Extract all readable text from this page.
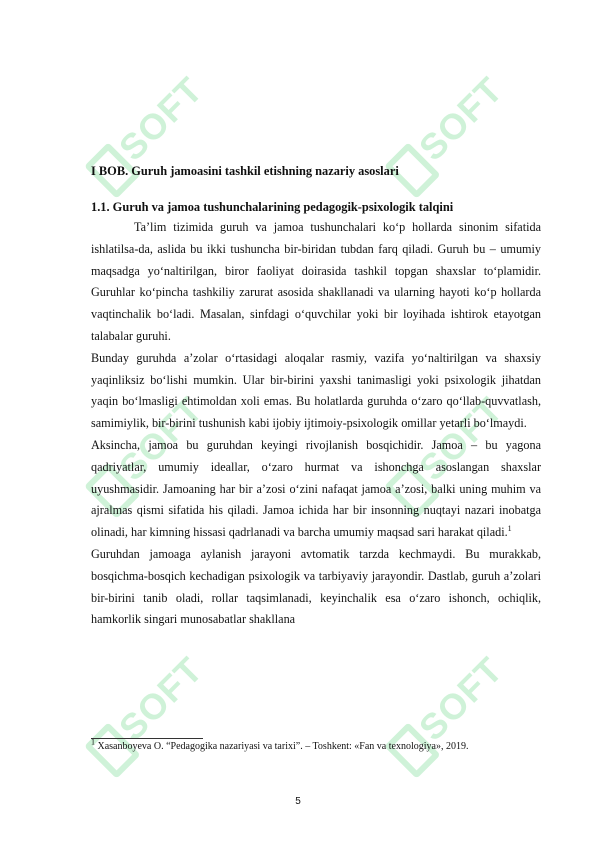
SOFT	SOFT
SOFT	SOFT
SOFT	SOFT

I BOB. Guruh jamoasini tashkil etishning nazariy asoslari

1.1. Guruh va jamoa tushunchalarining pedagogik-psixologik talqini

Ta’lim tizimida guruh va jamoa tushunchalari ko‘p hollarda sinonim sifatida ishlatilsa-da, aslida bu ikki tushuncha bir-biridan tubdan farq qiladi. Guruh bu – umumiy maqsadga yo‘naltirilgan, biror faoliyat doirasida tashkil topgan shaxslar to‘plamidir. Guruhlar ko‘pincha tashkiliy zarurat asosida shakllanadi va ularning hayoti ko‘p hollarda vaqtinchalik bo‘ladi. Masalan, sinfdagi o‘quvchilar yoki bir loyihada ishtirok etayotgan talabalar guruhi.

Bunday guruhda a’zolar o‘rtasidagi aloqalar rasmiy, vazifa yo‘naltirilgan va shaxsiy yaqinliksiz bo‘lishi mumkin. Ular bir-birini yaxshi tanimasligi yoki psixologik jihatdan yaqin bo‘lmasligi ehtimoldan xoli emas. Bu holatlarda guruhda o‘zaro qo‘llab-quvvatlash, samimiylik, bir-birini tushunish kabi ijobiy ijtimoiy-psixologik omillar yetarli bo‘lmaydi.

Aksincha, jamoa bu guruhdan keyingi rivojlanish bosqichidir. Jamoa – bu yagona qadriyatlar, umumiy ideallar, o‘zaro hurmat va ishonchga asoslangan shaxslar uyushmasidir. Jamoaning har bir a’zosi o‘zini nafaqat jamoa a’zosi, balki uning muhim va ajralmas qismi sifatida his qiladi. Jamoa ichida har bir insonning nuqtayi nazari inobatga olinadi, har kimning hissasi qadrlanadi va barcha umumiy maqsad sari harakat qiladi.$^1$

Guruhdan jamoaga aylanish jarayoni avtomatik tarzda kechmaydi. Bu murakkab, bosqichma-bosqich kechadigan psixologik va tarbiyaviy jarayondir. Dastlab, guruh a’zolari bir-birini tanib oladi, rollar taqsimlanadi, keyinchalik esa o‘zaro ishonch, ochiqlik, hamkorlik singari munosabatlar shakllana

$^1$ Xasanboyeva O. “Pedagogika nazariyasi va tarixi”. – Toshkent: «Fan va texnologiya», 2019.
5
